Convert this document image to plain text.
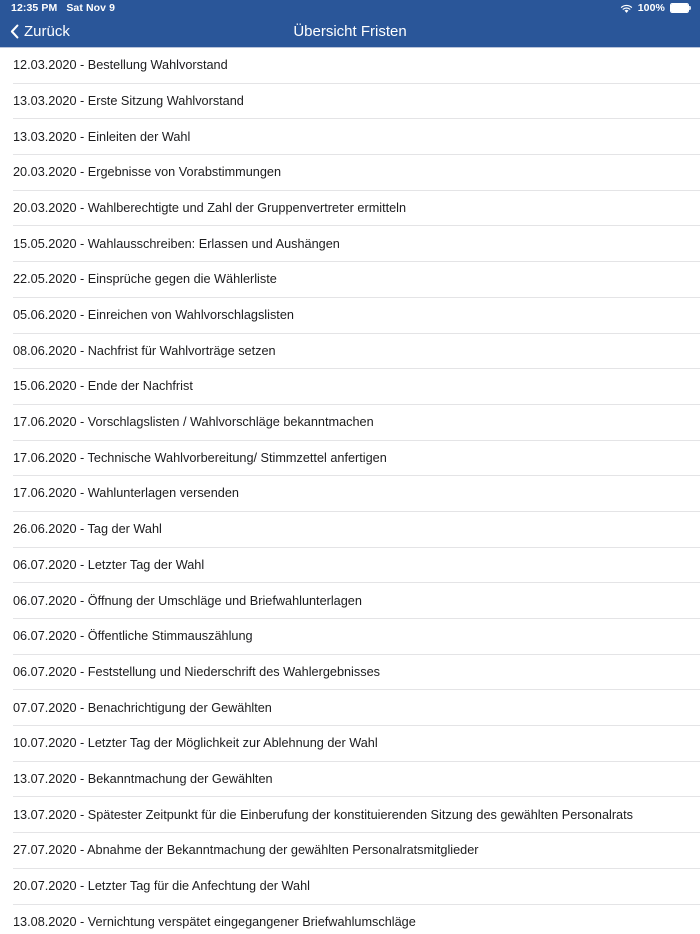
12:35 PM Sat Nov 9	100%
Zurück	Übersicht Fristen
12.03.2020 - Bestellung Wahlvorstand
13.03.2020 - Erste Sitzung Wahlvorstand
13.03.2020 - Einleiten der Wahl
20.03.2020 - Ergebnisse von Vorabstimmungen
20.03.2020 - Wahlberechtigte und Zahl der Gruppenvertreter ermitteln
15.05.2020 - Wahlausschreiben: Erlassen und Aushängen
22.05.2020 - Einsprüche gegen die Wählerliste
05.06.2020 - Einreichen von Wahlvorschlagslisten
08.06.2020 - Nachfrist für Wahlvorträge setzen
15.06.2020 - Ende der Nachfrist
17.06.2020 - Vorschlagslisten / Wahlvorschläge bekanntmachen
17.06.2020 - Technische Wahlvorbereitung/ Stimmzettel anfertigen
17.06.2020 - Wahlunterlagen versenden
26.06.2020 - Tag der Wahl
06.07.2020 - Letzter Tag der Wahl
06.07.2020 - Öffnung der Umschläge und Briefwahlunterlagen
06.07.2020 - Öffentliche Stimmauszählung
06.07.2020 - Feststellung und Niederschrift des Wahlergebnisses
07.07.2020 - Benachrichtigung der Gewählten
10.07.2020 - Letzter Tag der Möglichkeit zur Ablehnung der Wahl
13.07.2020 - Bekanntmachung der Gewählten
13.07.2020 - Spätester Zeitpunkt für die Einberufung der konstituierenden Sitzung des gewählten Personalrats
27.07.2020 - Abnahme der Bekanntmachung der gewählten Personalratsmitglieder
20.07.2020 - Letzter Tag für die Anfechtung der Wahl
13.08.2020 - Vernichtung verspätet eingegangener Briefwahlumschläge
